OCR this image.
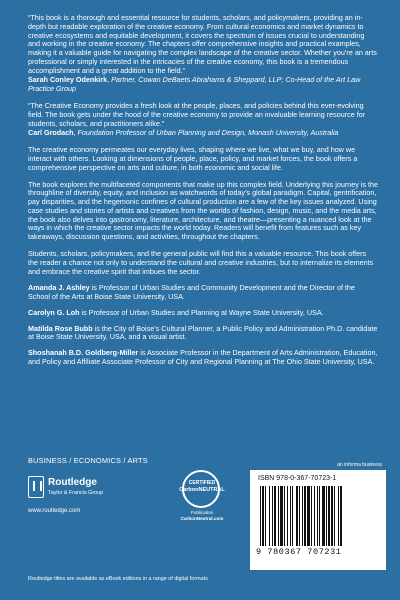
“This book is a thorough and essential resource for students, scholars, and policymakers, providing an in-depth but readable exploration of the creative economy. From cultural economics and market dynamics to creative ecosystems and equitable development, it covers the spectrum of issues crucial to understanding and working in the creative economy. The chapters offer comprehensive insights and practical examples, making it a valuable guide for navigating the complex landscape of the creative sector. Whether you’re an arts professional or simply interested in the intricacies of the creative economy, this book is a tremendous accomplishment and a great addition to the field.”

Sarah Conley Odenkirk, Partner, Cowan DeBaets Abrahams & Sheppard, LLP; Co-Head of the Art Law Practice Group

“The Creative Economy provides a fresh look at the people, places, and policies behind this ever-evolving field. The book gets under the hood of the creative economy to provide an invaluable learning resource for students, scholars, and practitioners alike.”

Carl Grodach, Foundation Professor of Urban Planning and Design, Monash University, Australia

The creative economy permeates our everyday lives, shaping where we live, what we buy, and how we interact with others. Looking at dimensions of people, place, policy, and market forces, the book offers a comprehensive perspective on arts and culture, in both economic and social life.

The book explores the multifaceted components that make up this complex field. Underlying this journey is the throughline of diversity, equity, and inclusion as watchwords of today’s global paradigm. Capital, gentrification, pay disparities, and the hegemonic confines of cultural production are a few of the key issues analyzed. Using case studies and stories of artists and creatives from the worlds of fashion, design, music, and the media arts, the book also delves into gastronomy, literature, architecture, and theatre—presenting a nuanced look at the ways in which the creative sector impacts the world today. Readers will benefit from features such as key takeaways, discussion questions, and activities, throughout the chapters.

Students, scholars, policymakers, and the general public will find this a valuable resource. This book offers the reader a chance not only to understand the cultural and creative industries, but to internalize its elements and embrace the creative spirit that imbues the sector.

Amanda J. Ashley is Professor of Urban Studies and Community Development and the Director of the School of the Arts at Boise State University, USA.

Carolyn G. Loh is Professor of Urban Studies and Planning at Wayne State University, USA.

Matilda Rose Bubb is the City of Boise’s Cultural Planner, a Public Policy and Administration Ph.D. candidate at Boise State University, USA, and a visual artist.

Shoshanah B.D. Goldberg-Miller is Associate Professor in the Department of Arts Administration, Education, and Policy and Affiliate Associate Professor of City and Regional Planning at The Ohio State University, USA.

BUSINESS / ECONOMICS / ARTS
Routledge
Taylor & Francis Group
www.routledge.com
CERTIFIED
CarbonNEUTRAL
Publication
CarbonNeutral.com
an informa business
ISBN 978-0-367-70723-1
9 780367 707231
Routledge titles are available as eBook editions in a range of digital formats
